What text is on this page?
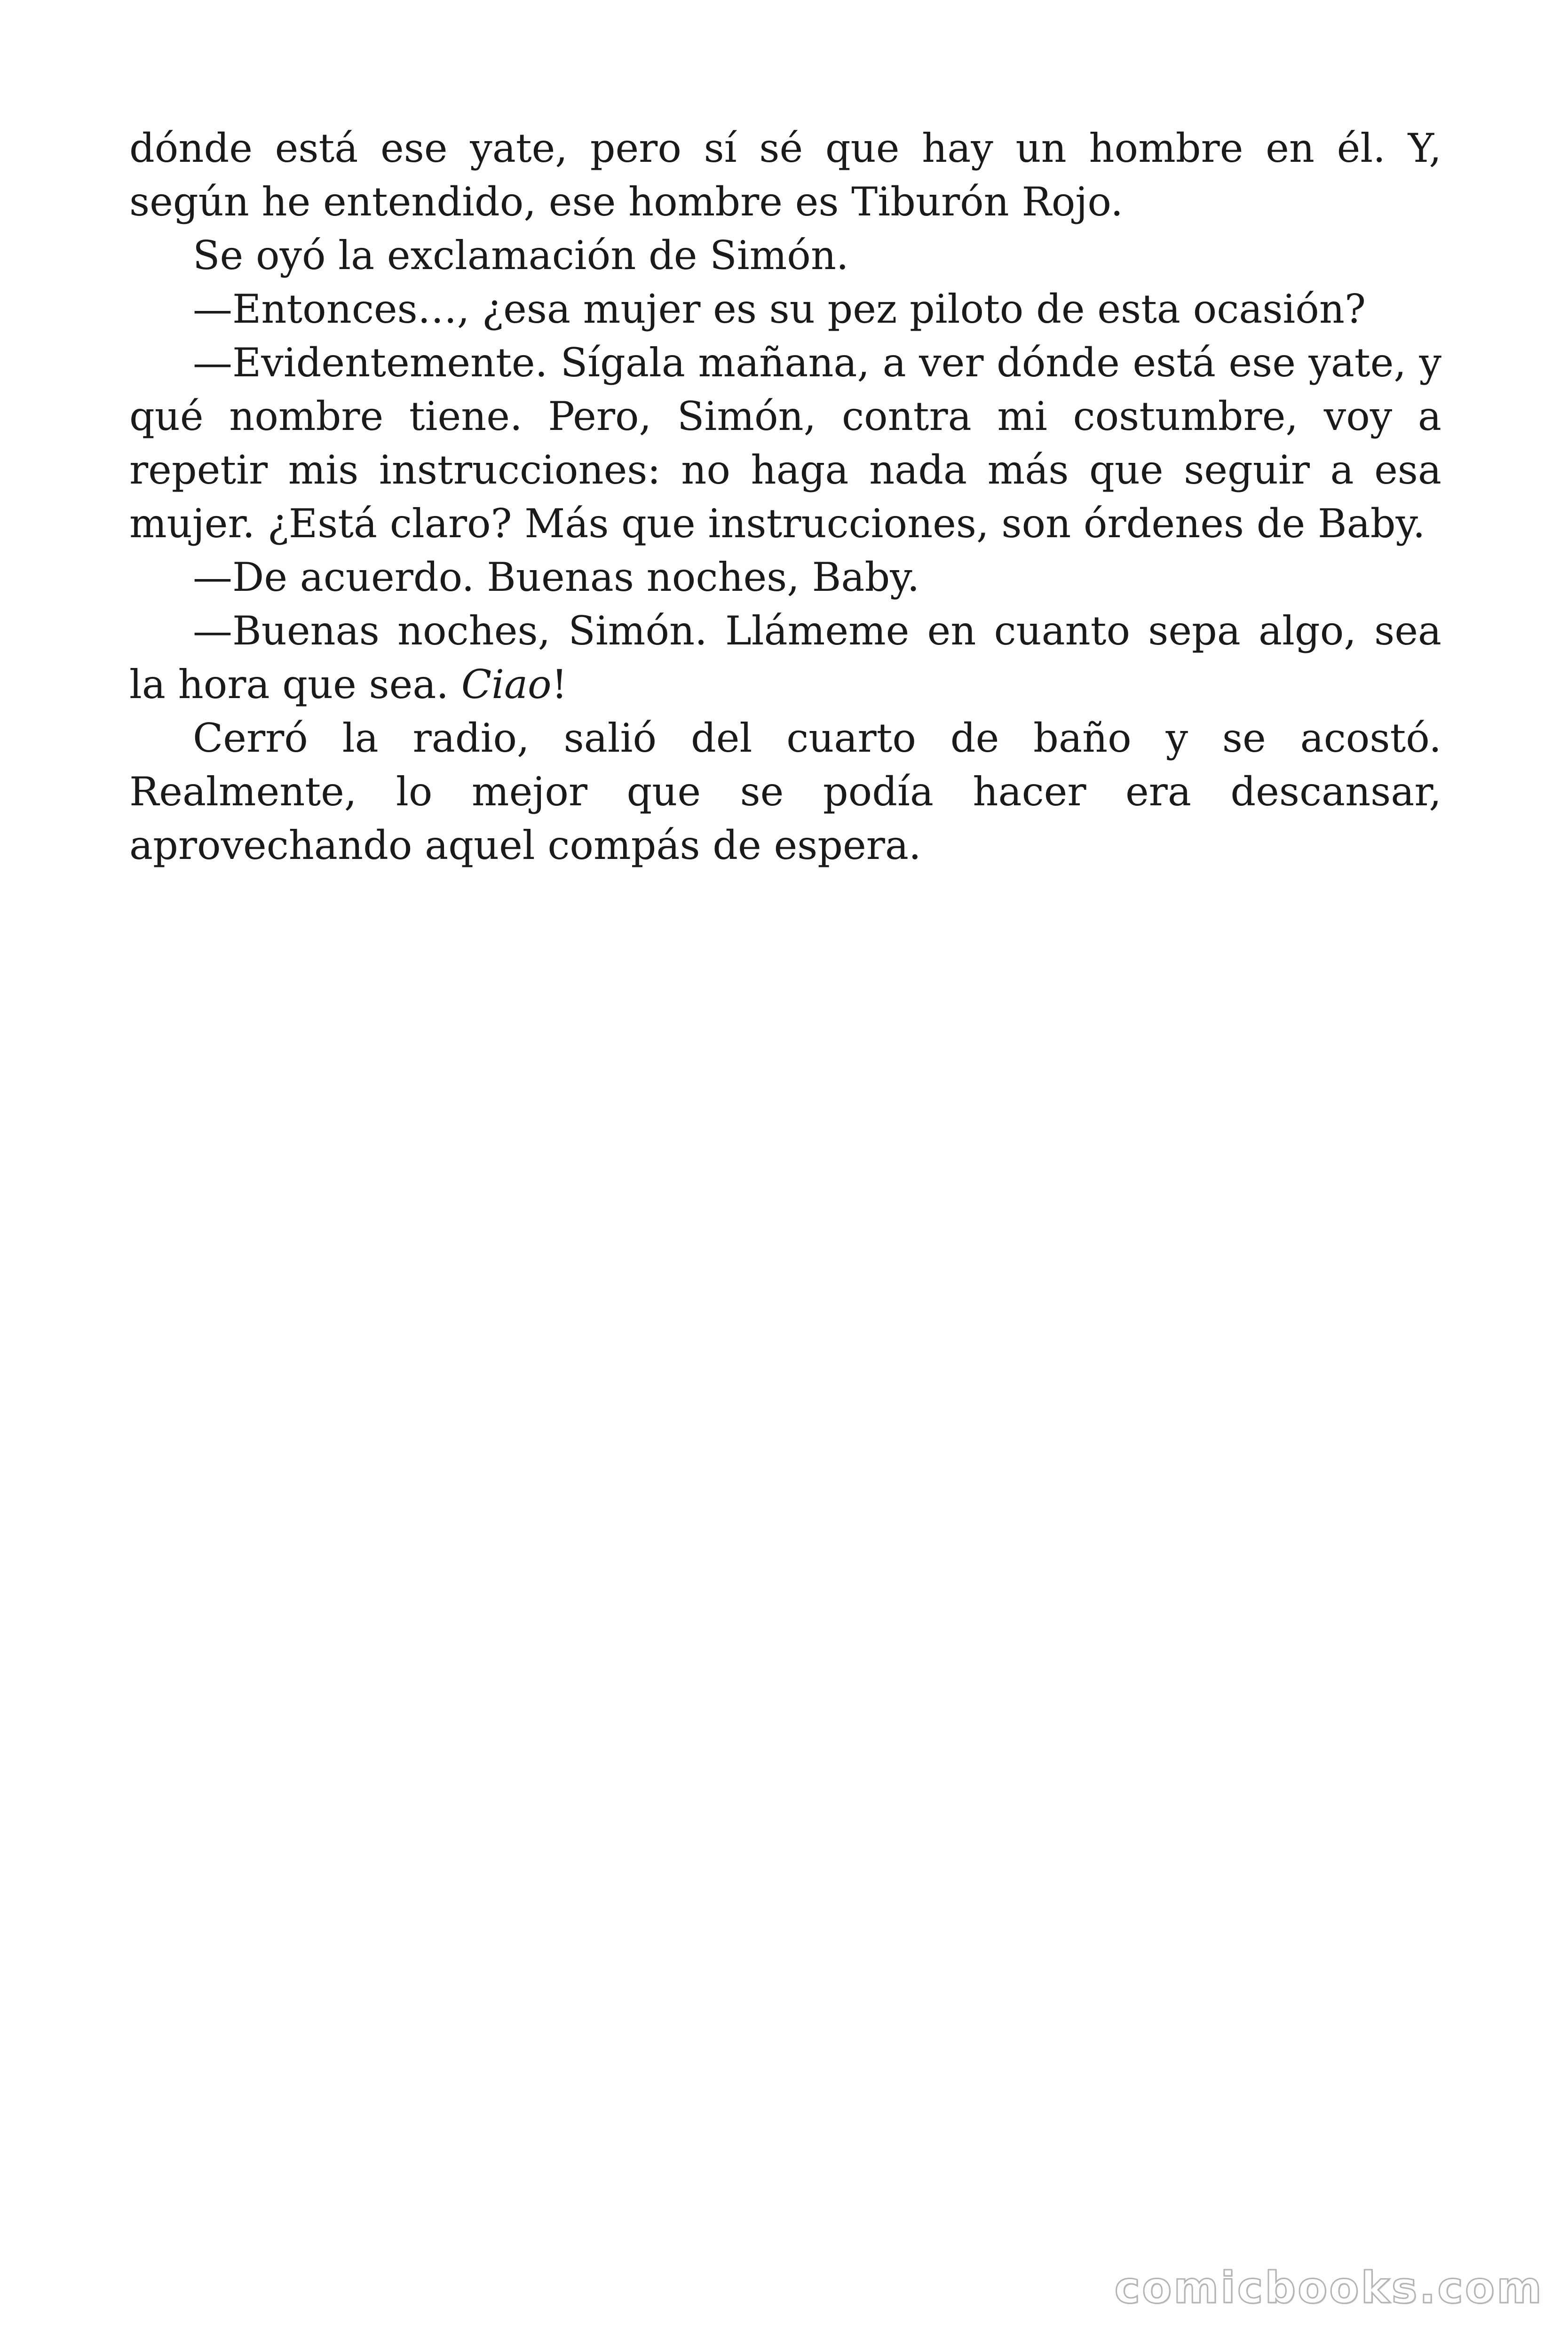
dónde está ese yate, pero sí sé que hay un hombre en él. Y, según he entendido, ese hombre es Tiburón Rojo.

Se oyó la exclamación de Simón.

—Entonces…, ¿esa mujer es su pez piloto de esta ocasión?

—Evidentemente. Sígala mañana, a ver dónde está ese yate, y qué nombre tiene. Pero, Simón, contra mi costumbre, voy a repetir mis instrucciones: no haga nada más que seguir a esa mujer. ¿Está claro? Más que instrucciones, son órdenes de Baby.

—De acuerdo. Buenas noches, Baby.

—Buenas noches, Simón. Llámeme en cuanto sepa algo, sea la hora que sea. Ciao!

Cerró la radio, salió del cuarto de baño y se acostó. Realmente, lo mejor que se podía hacer era descansar, aprovechando aquel compás de espera.

comicbooks.com
